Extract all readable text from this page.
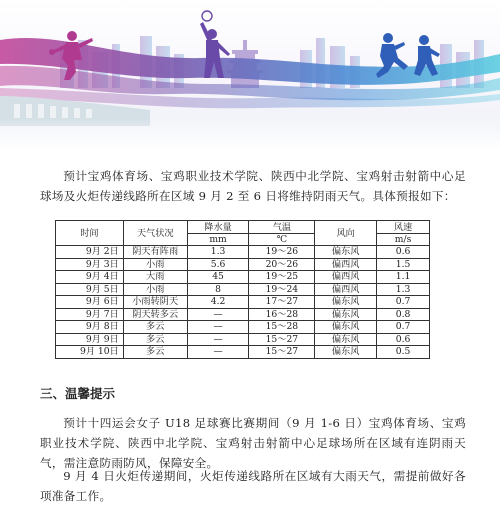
预计宝鸡体育场、宝鸡职业技术学院、陕西中北学院、宝鸡射击射箭中心足球场及火炬传递线路所在区域 9 月 2 至 6 日将维持阴雨天气。具体预报如下：

时间	天气状况	降水量	气温	风向	风速
		mm	℃		m/s
9月 2日	阴天有阵雨	1.3	19～26	偏东风	0.6
9月 3日	小雨	5.6	20～26	偏西风	1.5
9月 4日	大雨	45	19～25	偏西风	1.1
9月 5日	小雨	8	19～24	偏西风	1.3
9月 6日	小雨转阴天	4.2	17～27	偏东风	0.7
9月 7日	阴天转多云	—	16～28	偏东风	0.8
9月 8日	多云	—	15～28	偏东风	0.7
9月 9日	多云	—	15～27	偏东风	0.6
9月 10日	多云	—	15～27	偏东风	0.5
三、温馨提示

预计十四运会女子 U18 足球赛比赛期间（9 月 1-6 日）宝鸡体育场、宝鸡职业技术学院、陕西中北学院、宝鸡射击射箭中心足球场所在区域有连阴雨天气，需注意防雨防风，保障安全。

9 月 4 日火炬传递期间，火炬传递线路所在区域有大雨天气，需提前做好各项准备工作。
